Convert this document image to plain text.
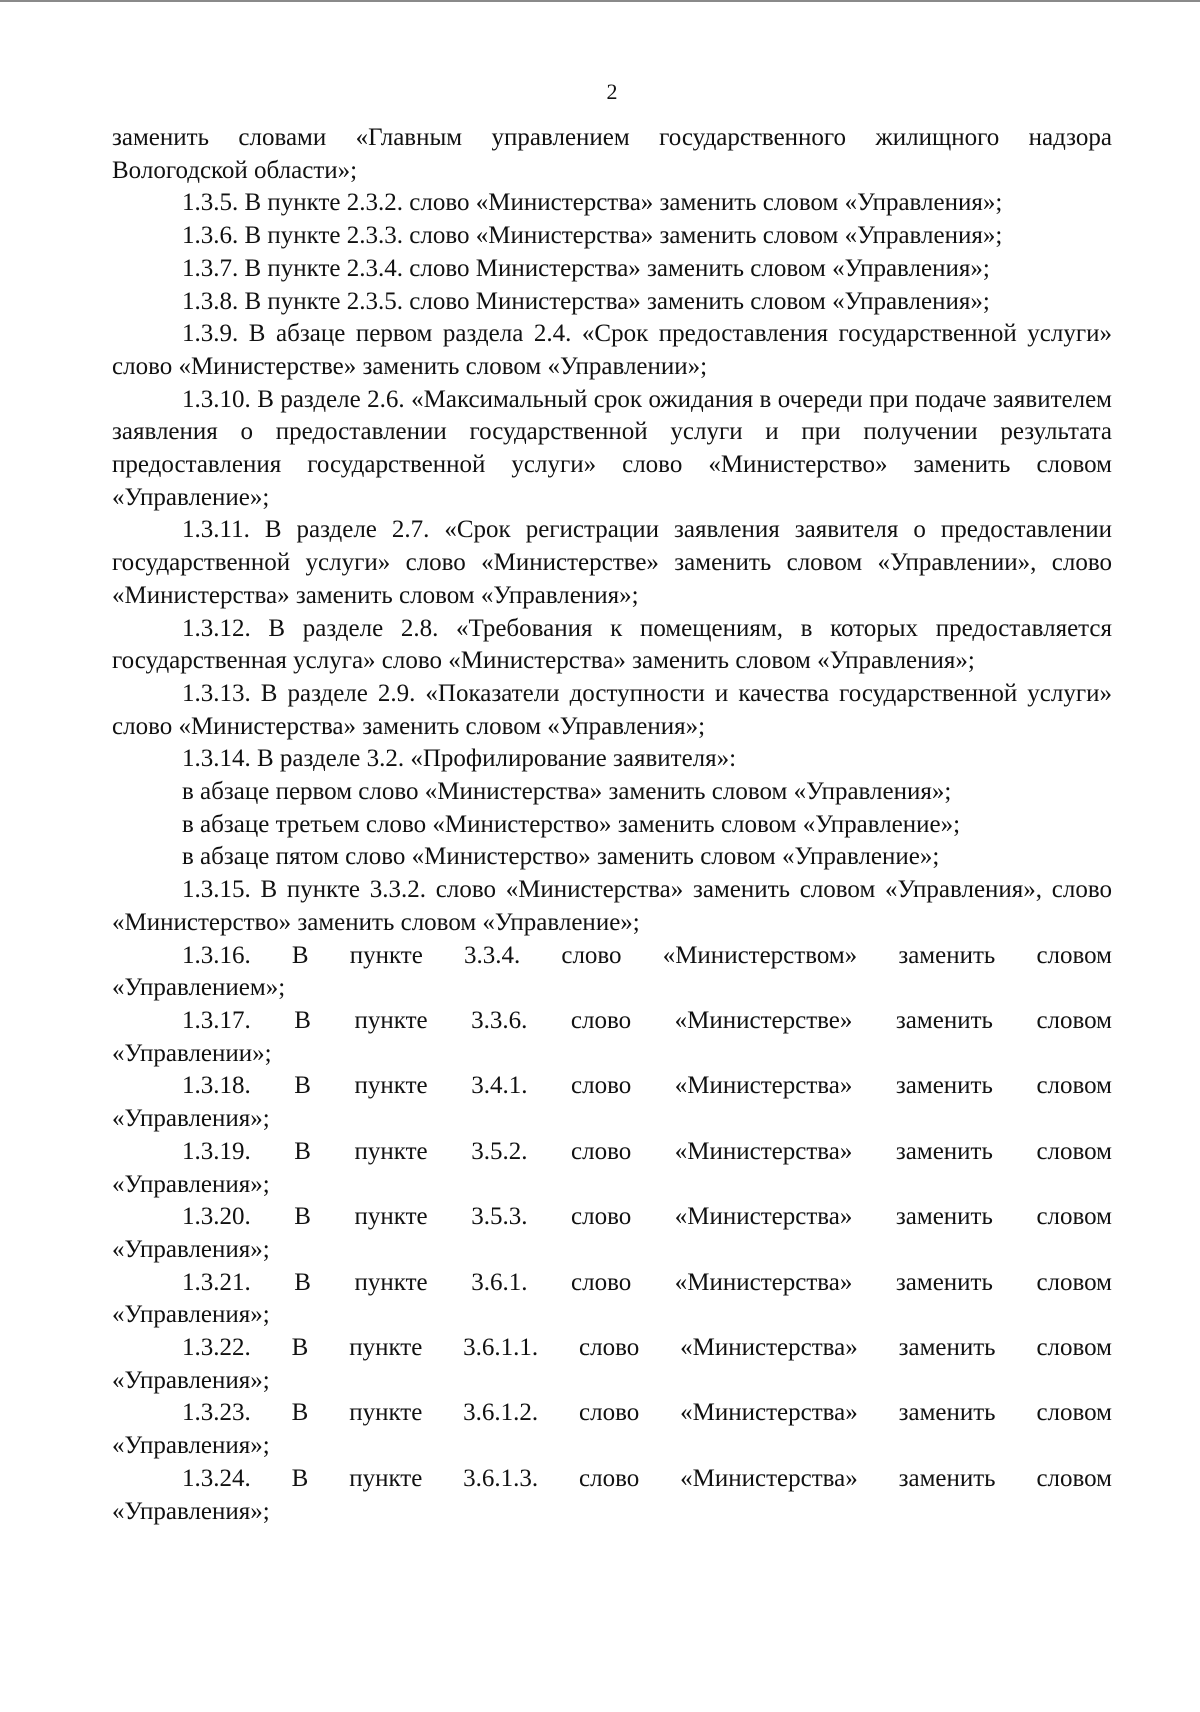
2

заменить словами «Главным управлением государственного жилищного надзора Вологодской области»;

1.3.5. В пункте 2.3.2. слово «Министерства» заменить словом «Управления»;

1.3.6. В пункте 2.3.3. слово «Министерства» заменить словом «Управления»;

1.3.7. В пункте 2.3.4. слово Министерства» заменить словом «Управления»;

1.3.8. В пункте 2.3.5. слово Министерства» заменить словом «Управления»;

1.3.9. В абзаце первом раздела 2.4. «Срок предоставления государственной услуги» слово «Министерстве» заменить словом «Управлении»;

1.3.10. В разделе 2.6. «Максимальный срок ожидания в очереди при подаче заявителем заявления о предоставлении государственной услуги и при получении результата предоставления государственной услуги» слово «Министерство» заменить словом «Управление»;

1.3.11. В разделе 2.7. «Срок регистрации заявления заявителя о предоставлении государственной услуги» слово «Министерстве» заменить словом «Управлении», слово «Министерства» заменить словом «Управления»;

1.3.12. В разделе 2.8. «Требования к помещениям, в которых предоставляется государственная услуга» слово «Министерства» заменить словом «Управления»;

1.3.13. В разделе 2.9. «Показатели доступности и качества государственной услуги» слово «Министерства» заменить словом «Управления»;

1.3.14. В разделе 3.2. «Профилирование заявителя»:

в абзаце первом слово «Министерства» заменить словом «Управления»;

в абзаце третьем слово «Министерство» заменить словом «Управление»;

в абзаце пятом слово «Министерство» заменить словом «Управление»;

1.3.15. В пункте 3.3.2. слово «Министерства» заменить словом «Управления», слово «Министерство» заменить словом «Управление»;

1.3.16. В пункте 3.3.4. слово «Министерством» заменить словом
«Управлением»;

1.3.17. В пункте 3.3.6. слово «Министерстве» заменить словом
«Управлении»;

1.3.18. В пункте 3.4.1. слово «Министерства» заменить словом
«Управления»;

1.3.19. В пункте 3.5.2. слово «Министерства» заменить словом
«Управления»;

1.3.20. В пункте 3.5.3. слово «Министерства» заменить словом
«Управления»;

1.3.21. В пункте 3.6.1. слово «Министерства» заменить словом
«Управления»;

1.3.22. В пункте 3.6.1.1. слово «Министерства» заменить словом
«Управления»;

1.3.23. В пункте 3.6.1.2. слово «Министерства» заменить словом
«Управления»;

1.3.24. В пункте 3.6.1.3. слово «Министерства» заменить словом
«Управления»;
